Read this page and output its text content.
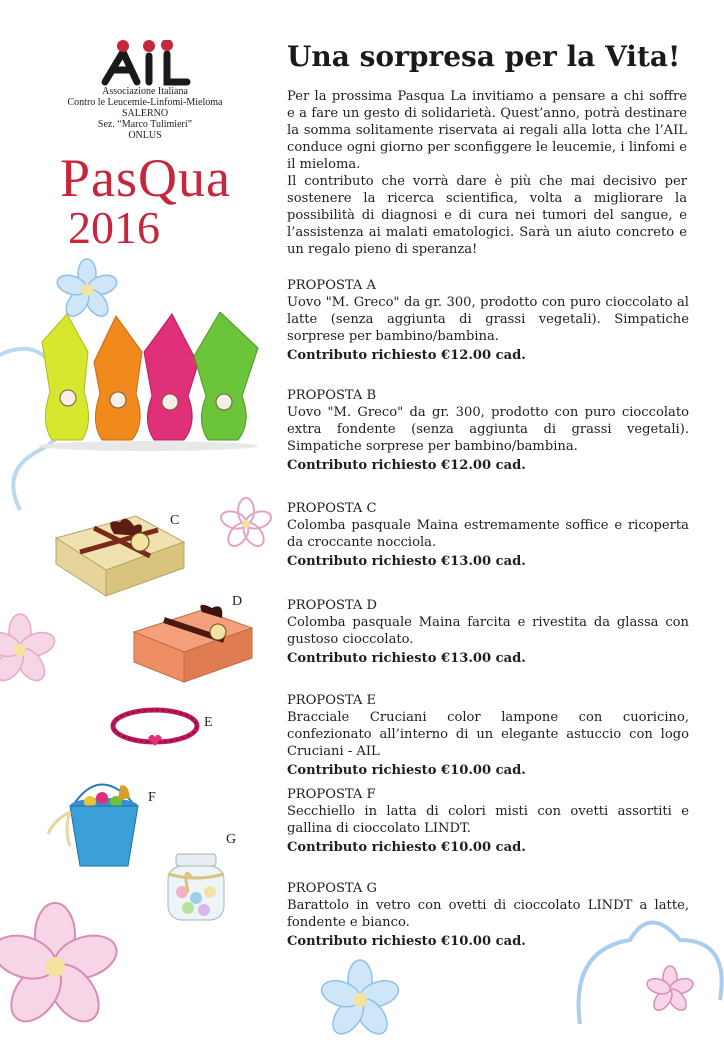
Associazione Italiana
Contro le Leucemie-Linfomi-Mieloma
SALERNO
Sez. “Marco Tulimieri”
ONLUS
PasQua
2016
C
D
E
F
G
Una sorpresa per la Vita!

Per la prossima Pasqua La invitiamo a pensare a chi soffre e a fare un gesto di solidarietà. Quest’anno, potrà destinare la somma solitamente riservata ai regali alla lotta che l’AIL conduce ogni giorno per sconfiggere le leucemie, i linfomi e il mieloma.

Il contributo che vorrà dare è più che mai decisivo per sostenere la ricerca scientifica, volta a migliorare la possibilità di diagnosi e di cura nei tumori del sangue, e l’assistenza ai malati ematologici. Sarà un aiuto concreto e un regalo pieno di speranza!

PROPOSTA A

Uovo "M. Greco" da gr. 300, prodotto con puro cioccolato al latte (senza aggiunta di grassi vegetali). Simpatiche sorprese per bambino/bambina.

Contributo richiesto €12.00 cad.

PROPOSTA B

Uovo "M. Greco" da gr. 300, prodotto con puro cioccolato extra fondente (senza aggiunta di grassi vegetali). Simpatiche sorprese per bambino/bambina.

Contributo richiesto €12.00 cad.

PROPOSTA C

Colomba pasquale Maina estremamente soffice e ricoperta da croccante nocciola.

Contributo richiesto €13.00 cad.

PROPOSTA D

Colomba pasquale Maina farcita e rivestita da glassa con gustoso cioccolato.

Contributo richiesto €13.00 cad.

PROPOSTA E

Bracciale Cruciani color lampone con cuoricino, confezionato all’interno di un elegante astuccio con logo Cruciani - AIL

Contributo richiesto €10.00 cad.

PROPOSTA F

Secchiello in latta di colori misti con ovetti assortiti e gallina di cioccolato LINDT.

Contributo richiesto €10.00 cad.

PROPOSTA G

Barattolo in vetro con ovetti di cioccolato LINDT a latte, fondente e bianco.

Contributo richiesto €10.00 cad.
